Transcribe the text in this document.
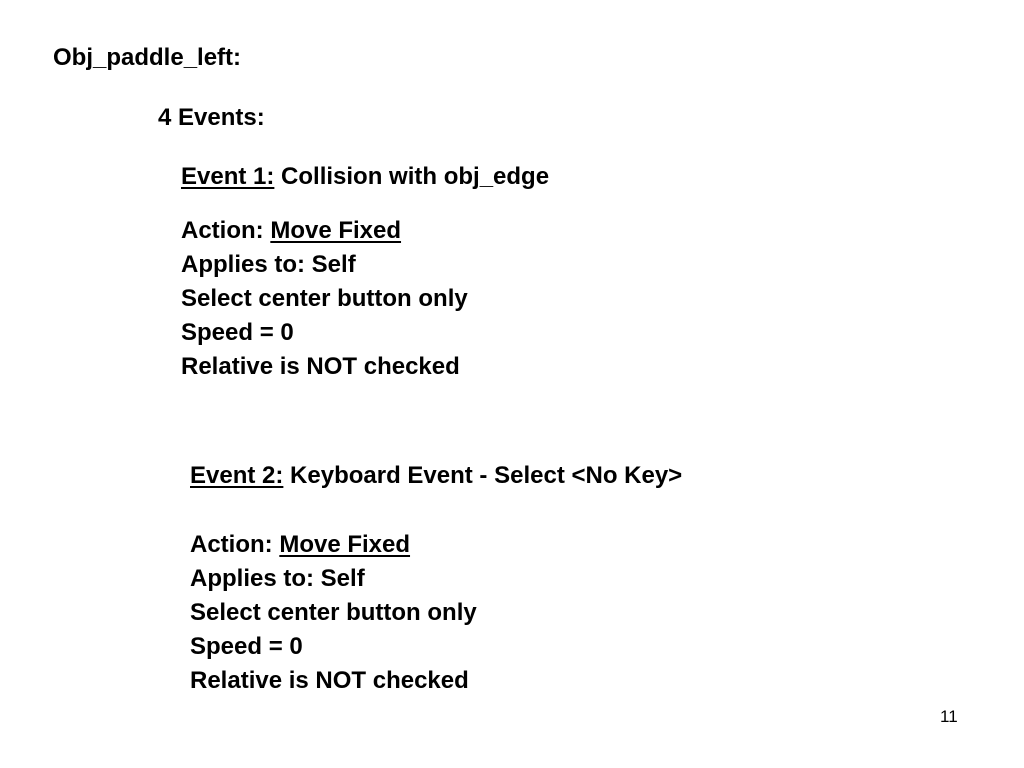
Obj_paddle_left:
4 Events:
Event 1: Collision with obj_edge
Action: Move Fixed
Applies to: Self
Select center button only
Speed = 0
Relative is NOT checked
Event 2: Keyboard Event - Select <No Key>
Action: Move Fixed
Applies to: Self
Select center button only
Speed = 0
Relative is NOT checked
11
